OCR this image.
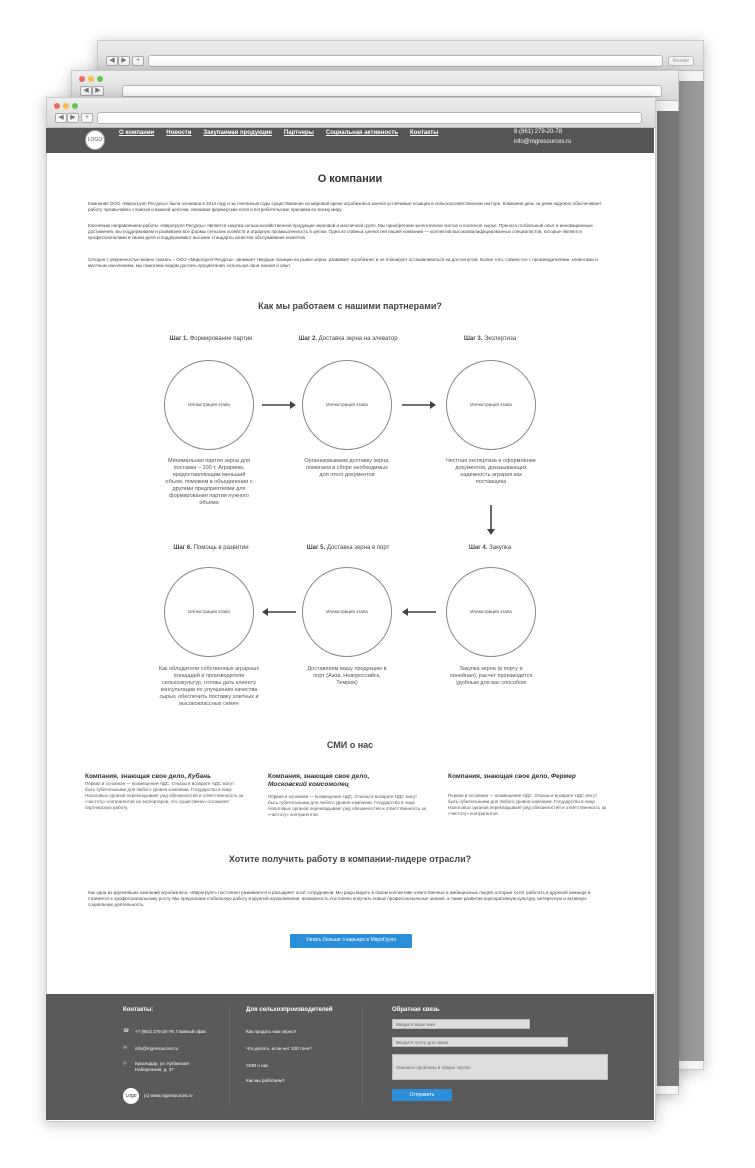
◀ ▶	+	Reader
◀ ▶
◀ ▶	+
LOGO
О компании Новости Закупаемая продукция Партнеры Социальная активность Контакты	8 (861) 279-20-78
info@mgresources.ru
О компании
Компания ООО «Мирогрупп Ресурсы» была основана в 2014 году и за считанные годы существования на мировой арене агробизнеса заняла устойчивые позиции в сельскохозяйственном секторе. Компания день за днем надежно обеспечивает работу чрезвычайно сложной и важной цепочки, связывая фермерские поля и потребительские прилавки во всему миру.
Ключевым направлением работы «Мирогрупп Ресурсы» является закупка сельскохозяйственной продукции зерновой и масличной групп. Мы приобретаем экологически чистое и полезное сырье. Пренося глобальный опыт и инновационные достижения, мы поддерживаем и развиваем все формы сельских хозяйств и аграрную промышленность в целом. Одна из главных ценностей нашей компании — коллектив высококвалифицированных специалистов, которые являются профессионалами в своем деле и поддерживают высокие стандарты качества обслуживания клиентов.
Сегодня с уверенностью можно сказать – ООО «Мирогрупп Ресурсы» занимает твердые позиции на рынке зерна, развивает агробизнес и не планирует останавливаться на достигнутом. Более того, совместно с производителями, клиентами и местным населением, мы помогаем людям достичь процветания, используя свои знания и опыт.
Как мы работаем с нашими партнерами?
Шаг 1. Формирование партии
Иллюстрация этапа
Минимальная партия зерна для поставки – 100 т. Аграриям, предоставляющим меньший объем, поможем в объединении с другими предприятиями для формирования партии нужного объема
Шаг 2. Доставка зерна на элеватор
Иллюстрация этапа
Организовываем доставку зерна, помогаем в сборе необходимых для этого документов
Шаг 3. Экспертиза
Иллюстрация этапа
Честная экспертиза и оформление документов, доказывающих надежность агрария как поставщика
Шаг 6. Помощь в развитии
Иллюстрация этапа
Как обладатели собственных аграрных площадей и производители сельхозкультур, готовы дать клиенту консультации по улучшению качества сырья, обеспечить поставку элитных и высококлассных семян
Шаг 5. Доставка зерна в порт
Иллюстрация этапа
Доставляем вашу продукцию в порт (Азов, Новороссийск, Темрюк)
Шаг 4. Закупка
Иллюстрация этапа
Закупка зерна (в порту и линейная), расчет производится удобным для вас способом
СМИ о нас
Компания, знающая свое дело, Кубань
Первая и основная — возмещение НДС. Отказы в возврате НДС могут быть губительными для любого уровня компании. Государство в лице Налоговых органов перекладывает ред обязанностей и ответственность за «чистоту» контрагентов на экспортеров, что существенно осложняет партнерскую работу.
Компания, знающая свое дело,
Московский комсомолец
Первая и основная — возмещение НДС. Отказы в возврате НДС могут быть губительными для любого уровня компании. Государство в лице Налоговых органов перекладывает ред обязанностей и ответственность за «чистоту» контрагентов.
Компания, знающая свое дело, Фермер
Первая и основная — возмещение НДС. Отказы в возврате НДС могут быть губительными для любого уровня компании. Государство в лице Налоговых органов перекладывает ред обязанностей и ответственность за «чистоту» контрагентов.
Хотите получить работу в компании-лидере отрасли?
Как одна из крупнейших компаний агробизнеса, «Мирогрупп» постоянно развивается и расширяет штат сотрудников. Мы рады видеть в своем коллективе ответственных и амбициозных людей, которые хотят работать в дружной команде и стремятся к профессиональному росту. Мы предлагаем стабильную работу в крупной агрокомпании, возможность постоянно получать новые профессиональные знания, а также развитие корпоративную культуру, интересную и активную социальную деятельность.
Узнать больше о карьере в МироГрупп
Контакты:
☎ +7 (861) 279-20-78, Главный офис
✉ info@mgresources.ru
⚲ Краснодар, ул. Кубанская Набережная, д. 37
Logo	(c) www.mgresources.ru
Для сельхозпроизводителей
Как продать нам зерно?
Что делать, если нет 100 тонн?
СМИ о нас
Как мы работаем?
Обратная связь
Введите ваше имя
Введите почту для связи
Опишите проблему в общих чертах
Отправить
